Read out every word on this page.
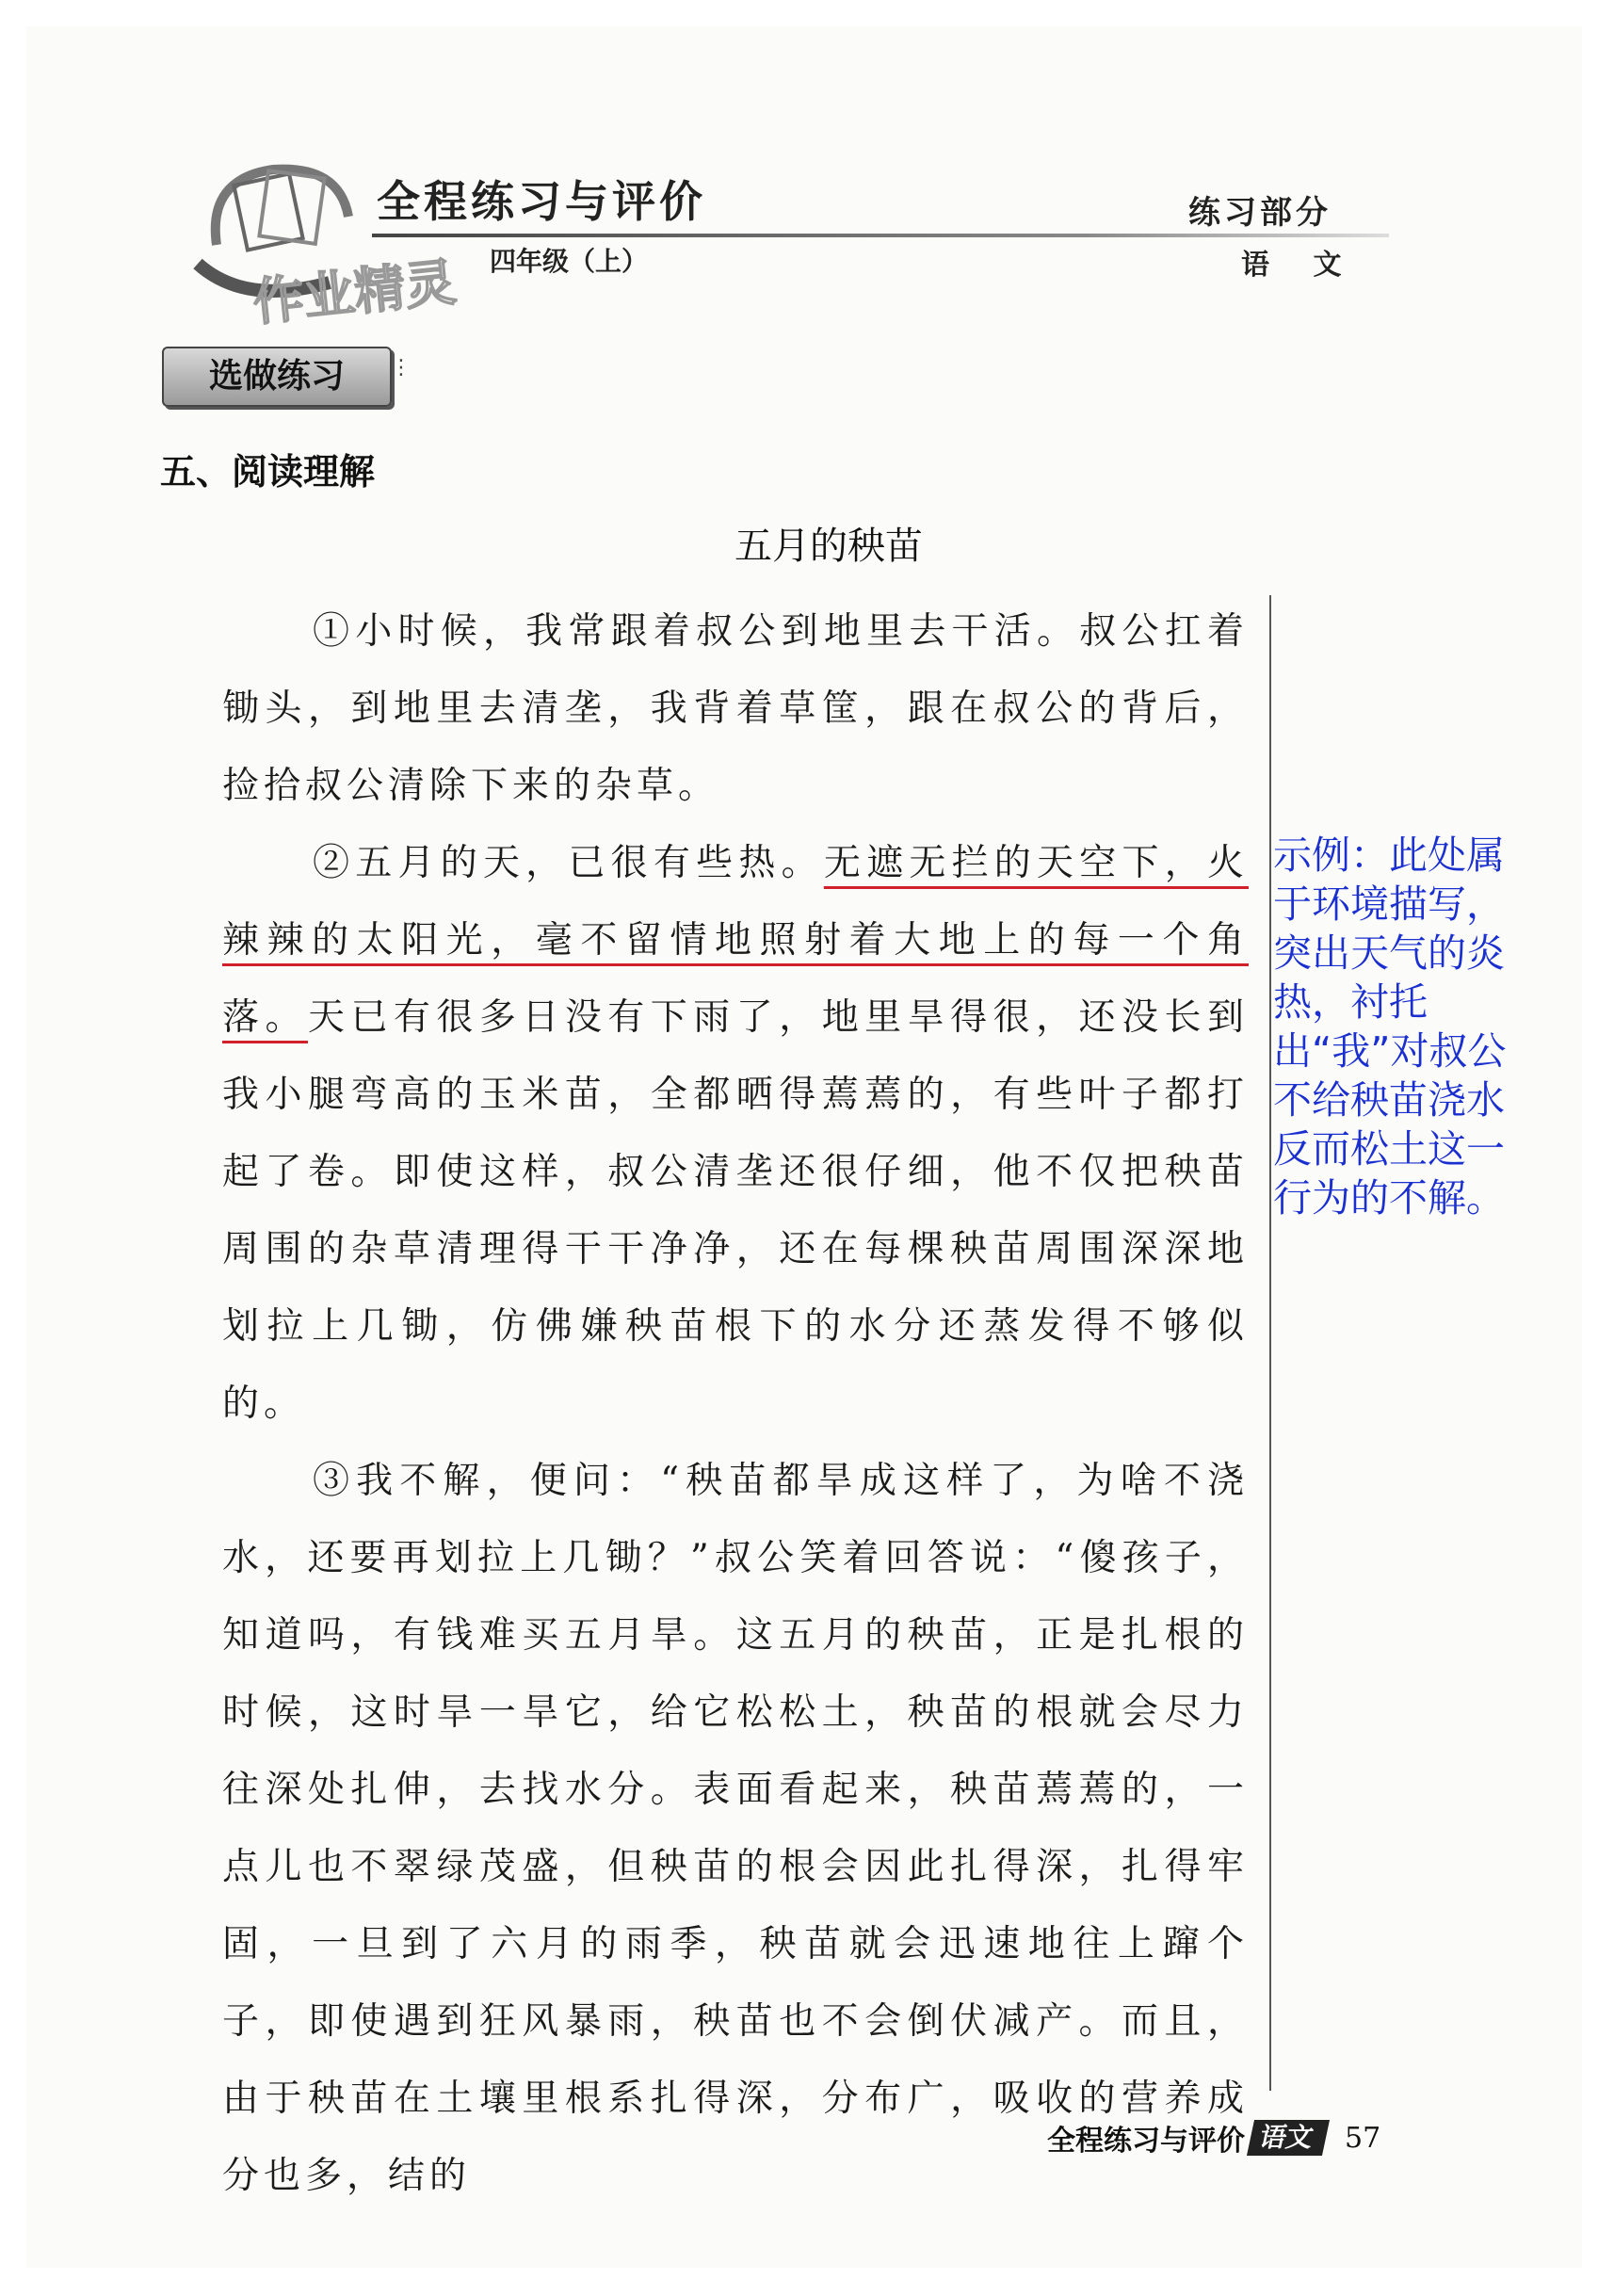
全程练习与评价
四年级（上）
练习部分
语 文
作业精灵
选做练习	⋮
五、阅读理解
五月的秧苗

①小时候，我常跟着叔公到地里去干活。叔公扛着锄头，到地里去清垄，我背着草筐，跟在叔公的背后，捡拾叔公清除下来的杂草。

②五月的天，已很有些热。无遮无拦的天空下，火辣辣的太阳光，毫不留情地照射着大地上的每一个角落。天已有很多日没有下雨了，地里旱得很，还没长到我小腿弯高的玉米苗，全都晒得蔫蔫的，有些叶子都打起了卷。即使这样，叔公清垄还很仔细，他不仅把秧苗周围的杂草清理得干干净净，还在每棵秧苗周围深深地划拉上几锄，仿佛嫌秧苗根下的水分还蒸发得不够似的。

③我不解，便问：“秧苗都旱成这样了，为啥不浇水，还要再划拉上几锄？”叔公笑着回答说：“傻孩子，知道吗，有钱难买五月旱。这五月的秧苗，正是扎根的时候，这时旱一旱它，给它松松土，秧苗的根就会尽力往深处扎伸，去找水分。表面看起来，秧苗蔫蔫的，一点儿也不翠绿茂盛，但秧苗的根会因此扎得深，扎得牢固，一旦到了六月的雨季，秧苗就会迅速地往上蹿个子，即使遇到狂风暴雨，秧苗也不会倒伏减产。而且，由于秧苗在土壤里根系扎得深，分布广，吸收的营养成分也多，结的

示例：此处属于环境描写，突出天气的炎热，衬托出“我”对叔公不给秧苗浇水反而松土这一行为的不解。
全程练习与评价 语文	57
